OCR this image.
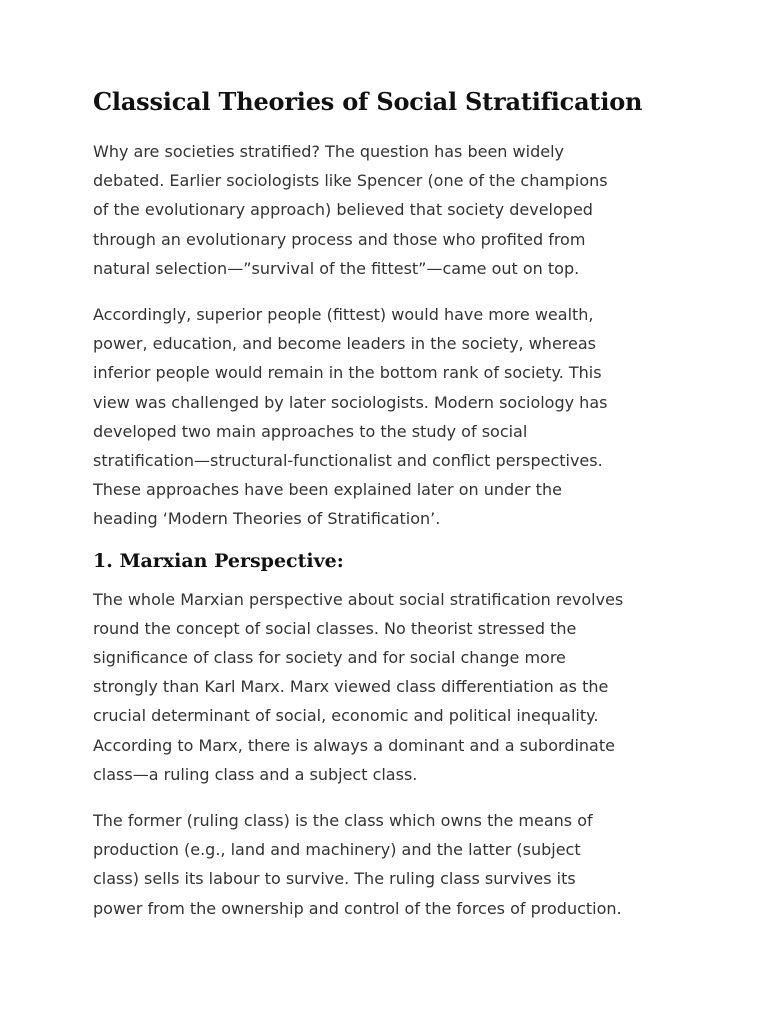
Classical Theories of Social Stratification

Why are societies stratified? The question has been widely
debated. Earlier sociologists like Spencer (one of the champions
of the evolutionary approach) believed that society developed
through an evolutionary process and those who profited from
natural selection—”survival of the fittest”—came out on top.

Accordingly, superior people (fittest) would have more wealth,
power, education, and become leaders in the society, whereas
inferior people would remain in the bottom rank of society. This
view was challenged by later sociologists. Modern sociology has
developed two main approaches to the study of social
stratification—structural-functionalist and conflict perspectives.
These approaches have been explained later on under the
heading ‘Modern Theories of Stratification’.

1. Marxian Perspective:

The whole Marxian perspective about social stratification revolves
round the concept of social classes. No theorist stressed the
significance of class for society and for social change more
strongly than Karl Marx. Marx viewed class differentiation as the
crucial determinant of social, economic and political inequality.
According to Marx, there is always a dominant and a subordinate
class—a ruling class and a subject class.

The former (ruling class) is the class which owns the means of
production (e.g., land and machinery) and the latter (subject
class) sells its labour to survive. The ruling class survives its
power from the ownership and control of the forces of production.
